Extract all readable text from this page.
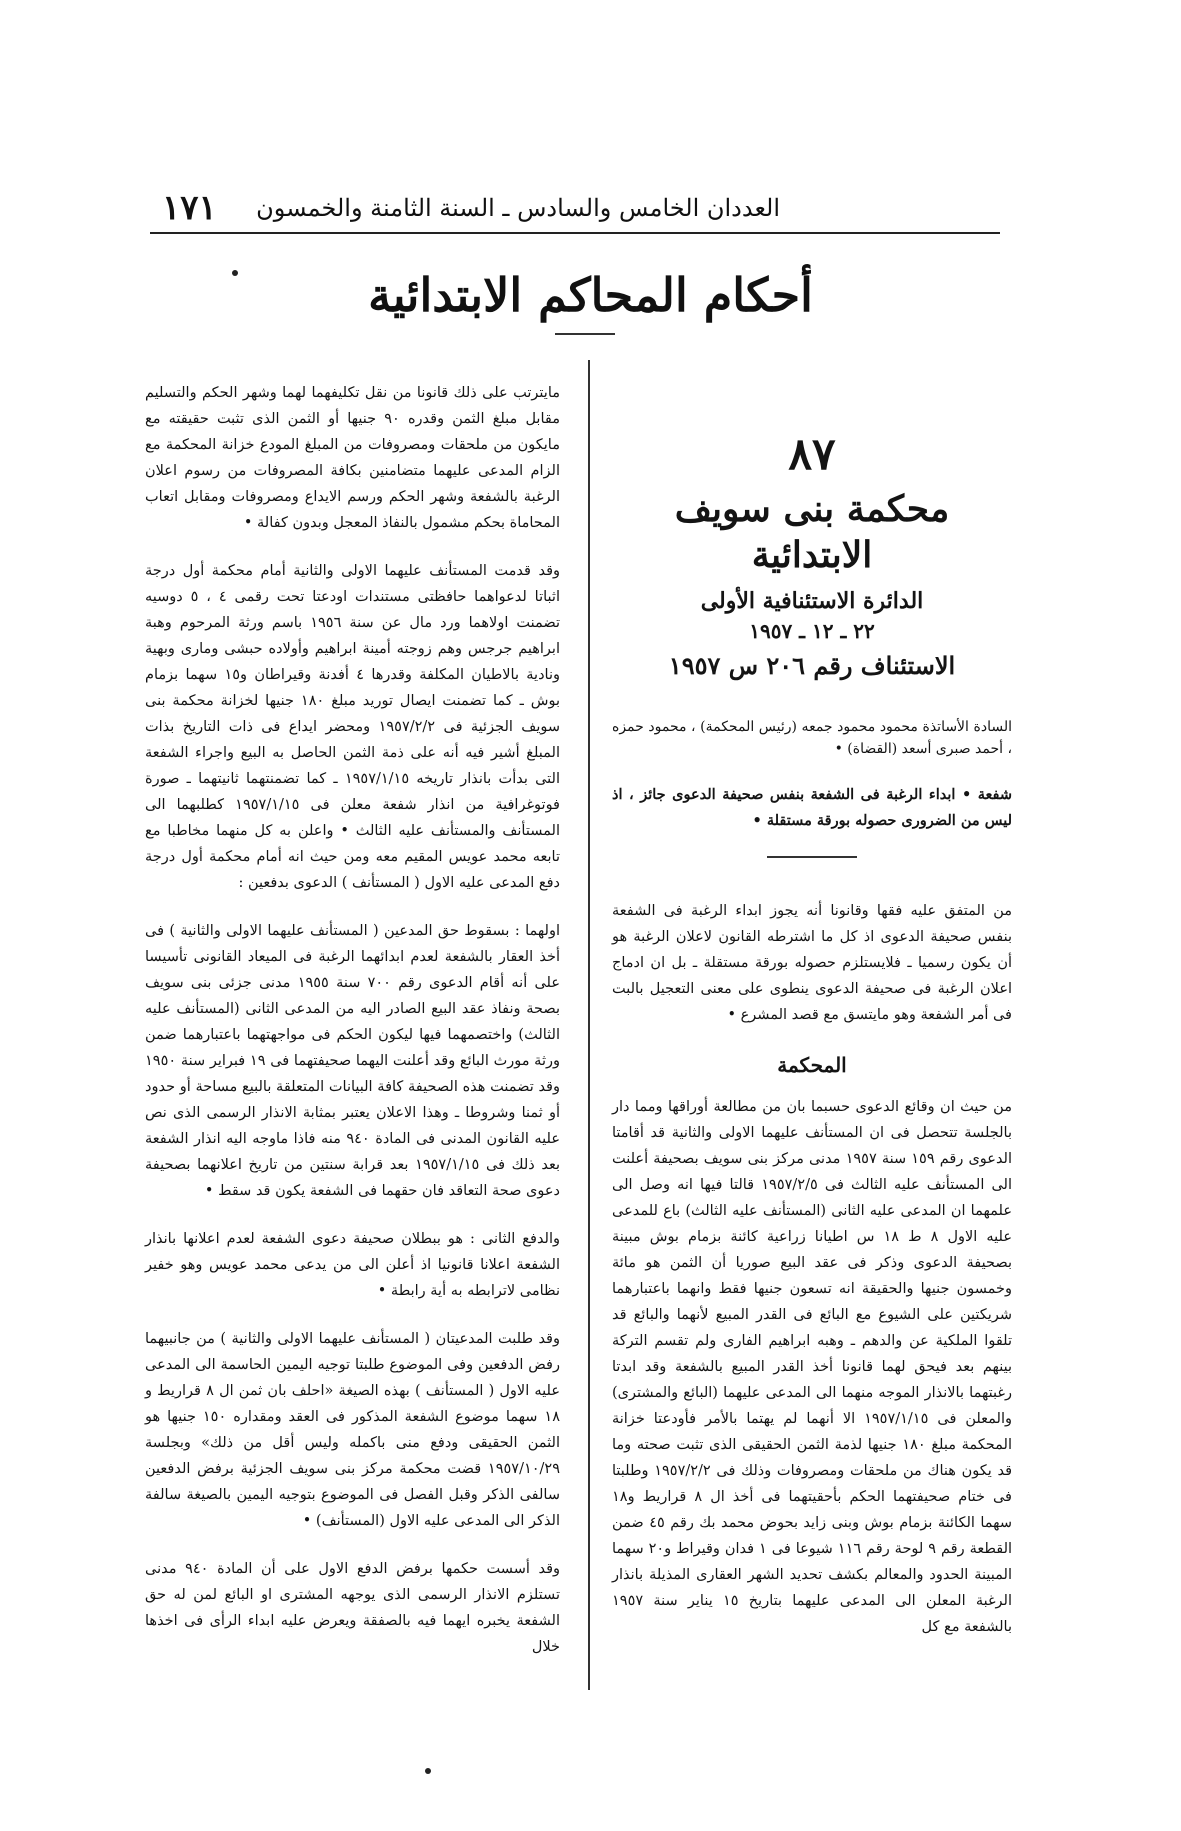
١٧١ العددان الخامس والسادس ـ السنة الثامنة والخمسون
أحكام المحاكم الابتدائية
٨٧
محكمة بنى سويف الابتدائية
الدائرة الاستئنافية الأولى
٢٢ ـ ١٢ ـ ١٩٥٧
الاستئناف رقم ٢٠٦ س ١٩٥٧

السادة الأساتذة محمود محمود جمعه (رئيس المحكمة) ، محمود حمزه ، أحمد صبرى أسعد (القضاة) •

شفعة • ابداء الرغبة فى الشفعة بنفس صحيفة الدعوى جائز ، اذ ليس من الضرورى حصوله بورقة مستقلة •

من المتفق عليه فقها وقانونا أنه يجوز ابداء الرغبة فى الشفعة بنفس صحيفة الدعوى اذ كل ما اشترطه القانون لاعلان الرغبة هو أن يكون رسميا ـ فلايستلزم حصوله بورقة مستقلة ـ بل ان ادماج اعلان الرغبة فى صحيفة الدعوى ينطوى على معنى التعجيل بالبت فى أمر الشفعة وهو مايتسق مع قصد المشرع •

المحكمة

من حيث ان وقائع الدعوى حسبما بان من مطالعة أوراقها ومما دار بالجلسة تتحصل فى ان المستأنف عليهما الاولى والثانية قد أقامتا الدعوى رقم ١٥٩ سنة ١٩٥٧ مدنى مركز بنى سويف بصحيفة أعلنت الى المستأنف عليه الثالث فى ١٩٥٧/٢/٥ قالتا فيها انه وصل الى علمهما ان المدعى عليه الثانى (المستأنف عليه الثالث) باع للمدعى عليه الاول ٨ ط ١٨ س اطيانا زراعية كائنة بزمام بوش مبينة بصحيفة الدعوى وذكر فى عقد البيع صوريا أن الثمن هو مائة وخمسون جنيها والحقيقة انه تسعون جنيها فقط وانهما باعتبارهما شريكتين على الشيوع مع البائع فى القدر المبيع لأنهما والبائع قد تلقوا الملكية عن والدهم ـ وهبه ابراهيم الفارى ولم تقسم التركة بينهم بعد فيحق لهما قانونا أخذ القدر المبيع بالشفعة وقد ابدتا رغبتهما بالانذار الموجه منهما الى المدعى عليهما (البائع والمشترى) والمعلن فى ١٩٥٧/١/١٥ الا أنهما لم يهتما بالأمر فأودعتا خزانة المحكمة مبلغ ١٨٠ جنيها لذمة الثمن الحقيقى الذى تثبت صحته وما قد يكون هناك من ملحقات ومصروفات وذلك فى ١٩٥٧/٢/٢ وطلبتا فى ختام صحيفتهما الحكم بأحقيتهما فى أخذ ال ٨ قراريط و١٨ سهما الكائنة بزمام بوش وبنى زايد بحوض محمد بك رقم ٤٥ ضمن القطعة رقم ٩ لوحة رقم ١١٦ شيوعا فى ١ فدان وقيراط و٢٠ سهما المبينة الحدود والمعالم بكشف تحديد الشهر العقارى المذيلة بانذار الرغبة المعلن الى المدعى عليهما بتاريخ ١٥ يناير سنة ١٩٥٧ بالشفعة مع كل

مايترتب على ذلك قانونا من نقل تكليفهما لهما وشهر الحكم والتسليم مقابل مبلغ الثمن وقدره ٩٠ جنيها أو الثمن الذى تثبت حقيقته مع مايكون من ملحقات ومصروفات من المبلغ المودع خزانة المحكمة مع الزام المدعى عليهما متضامنين بكافة المصروفات من رسوم اعلان الرغبة بالشفعة وشهر الحكم ورسم الايداع ومصروفات ومقابل اتعاب المحاماة بحكم مشمول بالنفاذ المعجل وبدون كفالة •

وقد قدمت المستأنف عليهما الاولى والثانية أمام محكمة أول درجة اثباتا لدعواهما حافظتى مستندات اودعتا تحت رقمى ٤ ، ٥ دوسيه تضمنت اولاهما ورد مال عن سنة ١٩٥٦ باسم ورثة المرحوم وهبة ابراهيم جرجس وهم زوجته أمينة ابراهيم وأولاده حبشى ومارى وبهية ونادية بالاطيان المكلفة وقدرها ٤ أفدنة وقيراطان و١٥ سهما بزمام بوش ـ كما تضمنت ايصال توريد مبلغ ١٨٠ جنيها لخزانة محكمة بنى سويف الجزئية فى ١٩٥٧/٢/٢ ومحضر ايداع فى ذات التاريخ بذات المبلغ أشير فيه أنه على ذمة الثمن الحاصل به البيع واجراء الشفعة التى بدأت بانذار تاريخه ١٩٥٧/١/١٥ ـ كما تضمنتهما ثانيتهما ـ صورة فوتوغرافية من انذار شفعة معلن فى ١٩٥٧/١/١٥ كطلبهما الى المستأنف والمستأنف عليه الثالث • واعلن به كل منهما مخاطبا مع تابعه محمد عويس المقيم معه ومن حيث انه أمام محكمة أول درجة دفع المدعى عليه الاول ( المستأنف ) الدعوى بدفعين :

اولهما : بسقوط حق المدعين ( المستأنف عليهما الاولى والثانية ) فى أخذ العقار بالشفعة لعدم ابدائهما الرغبة فى الميعاد القانونى تأسيسا على أنه أقام الدعوى رقم ٧٠٠ سنة ١٩٥٥ مدنى جزئى بنى سويف بصحة ونفاذ عقد البيع الصادر اليه من المدعى الثانى (المستأنف عليه الثالث) واختصمهما فيها ليكون الحكم فى مواجهتهما باعتبارهما ضمن ورثة مورث البائع وقد أعلنت اليهما صحيفتهما فى ١٩ فبراير سنة ١٩٥٠ وقد تضمنت هذه الصحيفة كافة البيانات المتعلقة بالبيع مساحة أو حدود أو ثمنا وشروطا ـ وهذا الاعلان يعتبر بمثابة الانذار الرسمى الذى نص عليه القانون المدنى فى المادة ٩٤٠ منه فاذا ماوجه اليه انذار الشفعة بعد ذلك فى ١٩٥٧/١/١٥ بعد قرابة سنتين من تاريخ اعلانهما بصحيفة دعوى صحة التعاقد فان حقهما فى الشفعة يكون قد سقط •

والدفع الثانى : هو ببطلان صحيفة دعوى الشفعة لعدم اعلانها بانذار الشفعة اعلانا قانونيا اذ أعلن الى من يدعى محمد عويس وهو خفير نظامى لاترابطه به أية رابطة •

وقد طلبت المدعيتان ( المستأنف عليهما الاولى والثانية ) من جانبيهما رفض الدفعين وفى الموضوع طلبتا توجيه اليمين الحاسمة الى المدعى عليه الاول ( المستأنف ) بهذه الصيغة «احلف بان ثمن ال ٨ قراريط و ١٨ سهما موضوع الشفعة المذكور فى العقد ومقداره ١٥٠ جنيها هو الثمن الحقيقى ودفع منى باكمله وليس أقل من ذلك» وبجلسة ١٩٥٧/١٠/٢٩ قضت محكمة مركز بنى سويف الجزئية برفض الدفعين سالفى الذكر وقبل الفصل فى الموضوع بتوجيه اليمين بالصيغة سالفة الذكر الى المدعى عليه الاول (المستأنف) •

وقد أسست حكمها برفض الدفع الاول على أن المادة ٩٤٠ مدنى تستلزم الانذار الرسمى الذى يوجهه المشترى او البائع لمن له حق الشفعة يخبره ايهما فيه بالصفقة ويعرض عليه ابداء الرأى فى اخذها خلال
